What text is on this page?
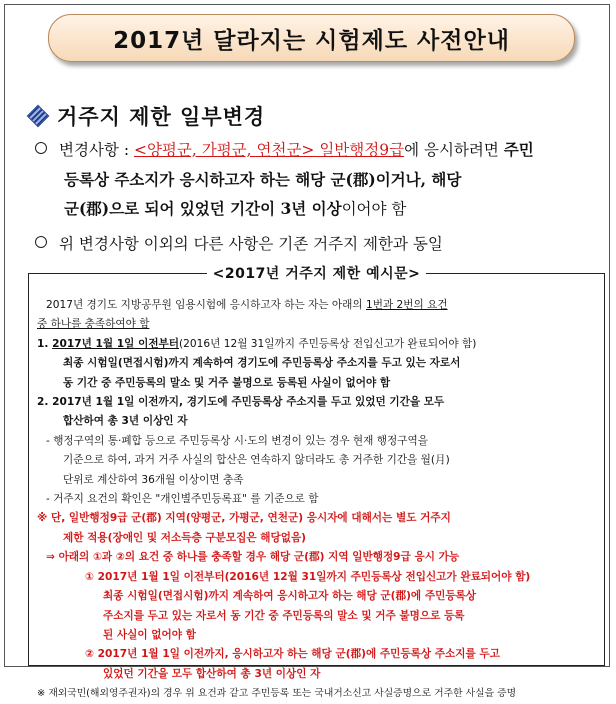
2017년 달라지는 시험제도 사전안내
거주지 제한 일부변경
변경사항 : <양평군, 가평군, 연천군> 일반행정9급에 응시하려면 주민
등록상 주소지가 응시하고자 하는 해당 군(郡)이거나, 해당
군(郡)으로 되어 있었던 기간이 3년 이상이어야 함
위 변경사항 이외의 다른 사항은 기존 거주지 제한과 동일
<2017년 거주지 제한 예시문>
2017년 경기도 지방공무원 임용시험에 응시하고자 하는 자는 아래의 1번과 2번의 요건
중 하나를 충족하여야 함
1. 2017년 1월 1일 이전부터(2016년 12월 31일까지 주민등록상 전입신고가 완료되어야 함)
최종 시험일(면접시험)까지 계속하여 경기도에 주민등록상 주소지를 두고 있는 자로서
동 기간 중 주민등록의 말소 및 거주 불명으로 등록된 사실이 없어야 함
2. 2017년 1월 1일 이전까지, 경기도에 주민등록상 주소지를 두고 있었던 기간을 모두
합산하여 총 3년 이상인 자
- 행정구역의 통·폐합 등으로 주민등록상 시·도의 변경이 있는 경우 현재 행정구역을
기준으로 하여, 과거 거주 사실의 합산은 연속하지 않더라도 총 거주한 기간을 월(月)
단위로 계산하여 36개월 이상이면 충족
- 거주지 요건의 확인은 "개인별주민등록표" 를 기준으로 함
※ 단, 일반행정9급 군(郡) 지역(양평군, 가평군, 연천군) 응시자에 대해서는 별도 거주지
제한 적용(장애인 및 저소득층 구분모집은 해당없음)
⇒ 아래의 ①과 ②의 요건 중 하나를 충족할 경우 해당 군(郡) 지역 일반행정9급 응시 가능
① 2017년 1월 1일 이전부터(2016년 12월 31일까지 주민등록상 전입신고가 완료되어야 함)
최종 시험일(면접시험)까지 계속하여 응시하고자 하는 해당 군(郡)에 주민등록상
주소지를 두고 있는 자로서 동 기간 중 주민등록의 말소 및 거주 불명으로 등록
된 사실이 없어야 함
② 2017년 1월 1일 이전까지, 응시하고자 하는 해당 군(郡)에 주민등록상 주소지를 두고
있었던 기간을 모두 합산하여 총 3년 이상인 자
※ 재외국민(해외영주권자)의 경우 위 요건과 같고 주민등록 또는 국내거소신고 사실증명으로 거주한 사실을 증명
